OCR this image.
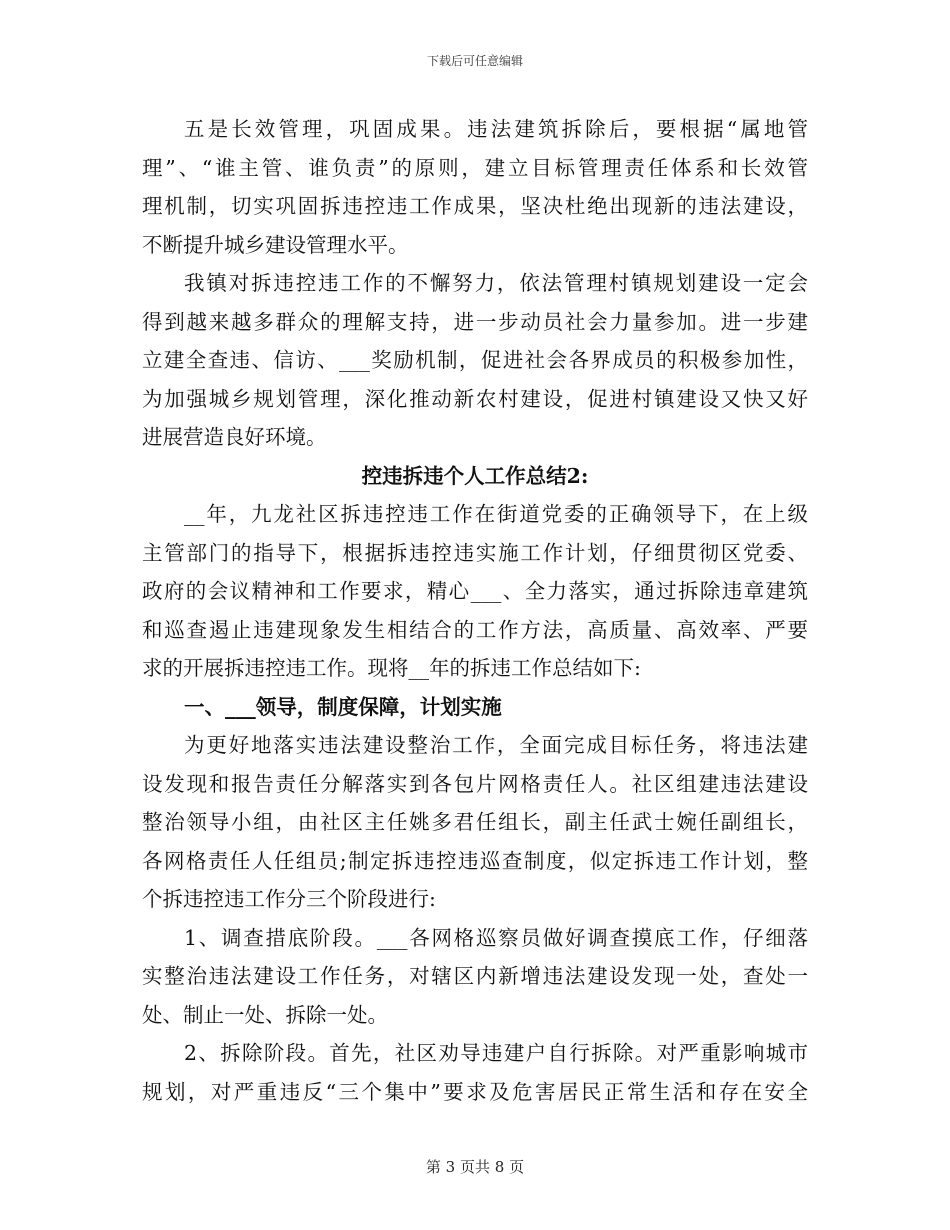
下载后可任意编辑
五是长效管理，巩固成果。违法建筑拆除后，要根据“属地管
理”、“谁主管、谁负责”的原则，建立目标管理责任体系和长效管
理机制，切实巩固拆违控违工作成果，坚决杜绝出现新的违法建设，
不断提升城乡建设管理水平。
我镇对拆违控违工作的不懈努力，依法管理村镇规划建设一定会
得到越来越多群众的理解支持，进一步动员社会力量参加。进一步建
立建全查违、信访、___奖励机制，促进社会各界成员的积极参加性，
为加强城乡规划管理，深化推动新农村建设，促进村镇建设又快又好
进展营造良好环境。
控违拆违个人工作总结2:
__年，九龙社区拆违控违工作在街道党委的正确领导下，在上级
主管部门的指导下，根据拆违控违实施工作计划，仔细贯彻区党委、
政府的会议精神和工作要求，精心___、全力落实，通过拆除违章建筑
和巡查遏止违建现象发生相结合的工作方法，高质量、高效率、严要
求的开展拆违控违工作。现将__年的拆违工作总结如下:
一、___领导，制度保障，计划实施
为更好地落实违法建设整治工作，全面完成目标任务，将违法建
设发现和报告责任分解落实到各包片网格责任人。社区组建违法建设
整治领导小组，由社区主任姚多君任组长，副主任武士婉任副组长，
各网格责任人任组员;制定拆违控违巡查制度，似定拆违工作计划，整
个拆违控违工作分三个阶段进行:
1、调查措底阶段。___各网格巡察员做好调查摸底工作，仔细落
实整治违法建设工作任务，对辖区内新增违法建设发现一处，查处一
处、制止一处、拆除一处。
2、拆除阶段。首先，社区劝导违建户自行拆除。对严重影响城市
规划，对严重违反“三个集中”要求及危害居民正常生活和存在安全
第 3 页共 8 页
